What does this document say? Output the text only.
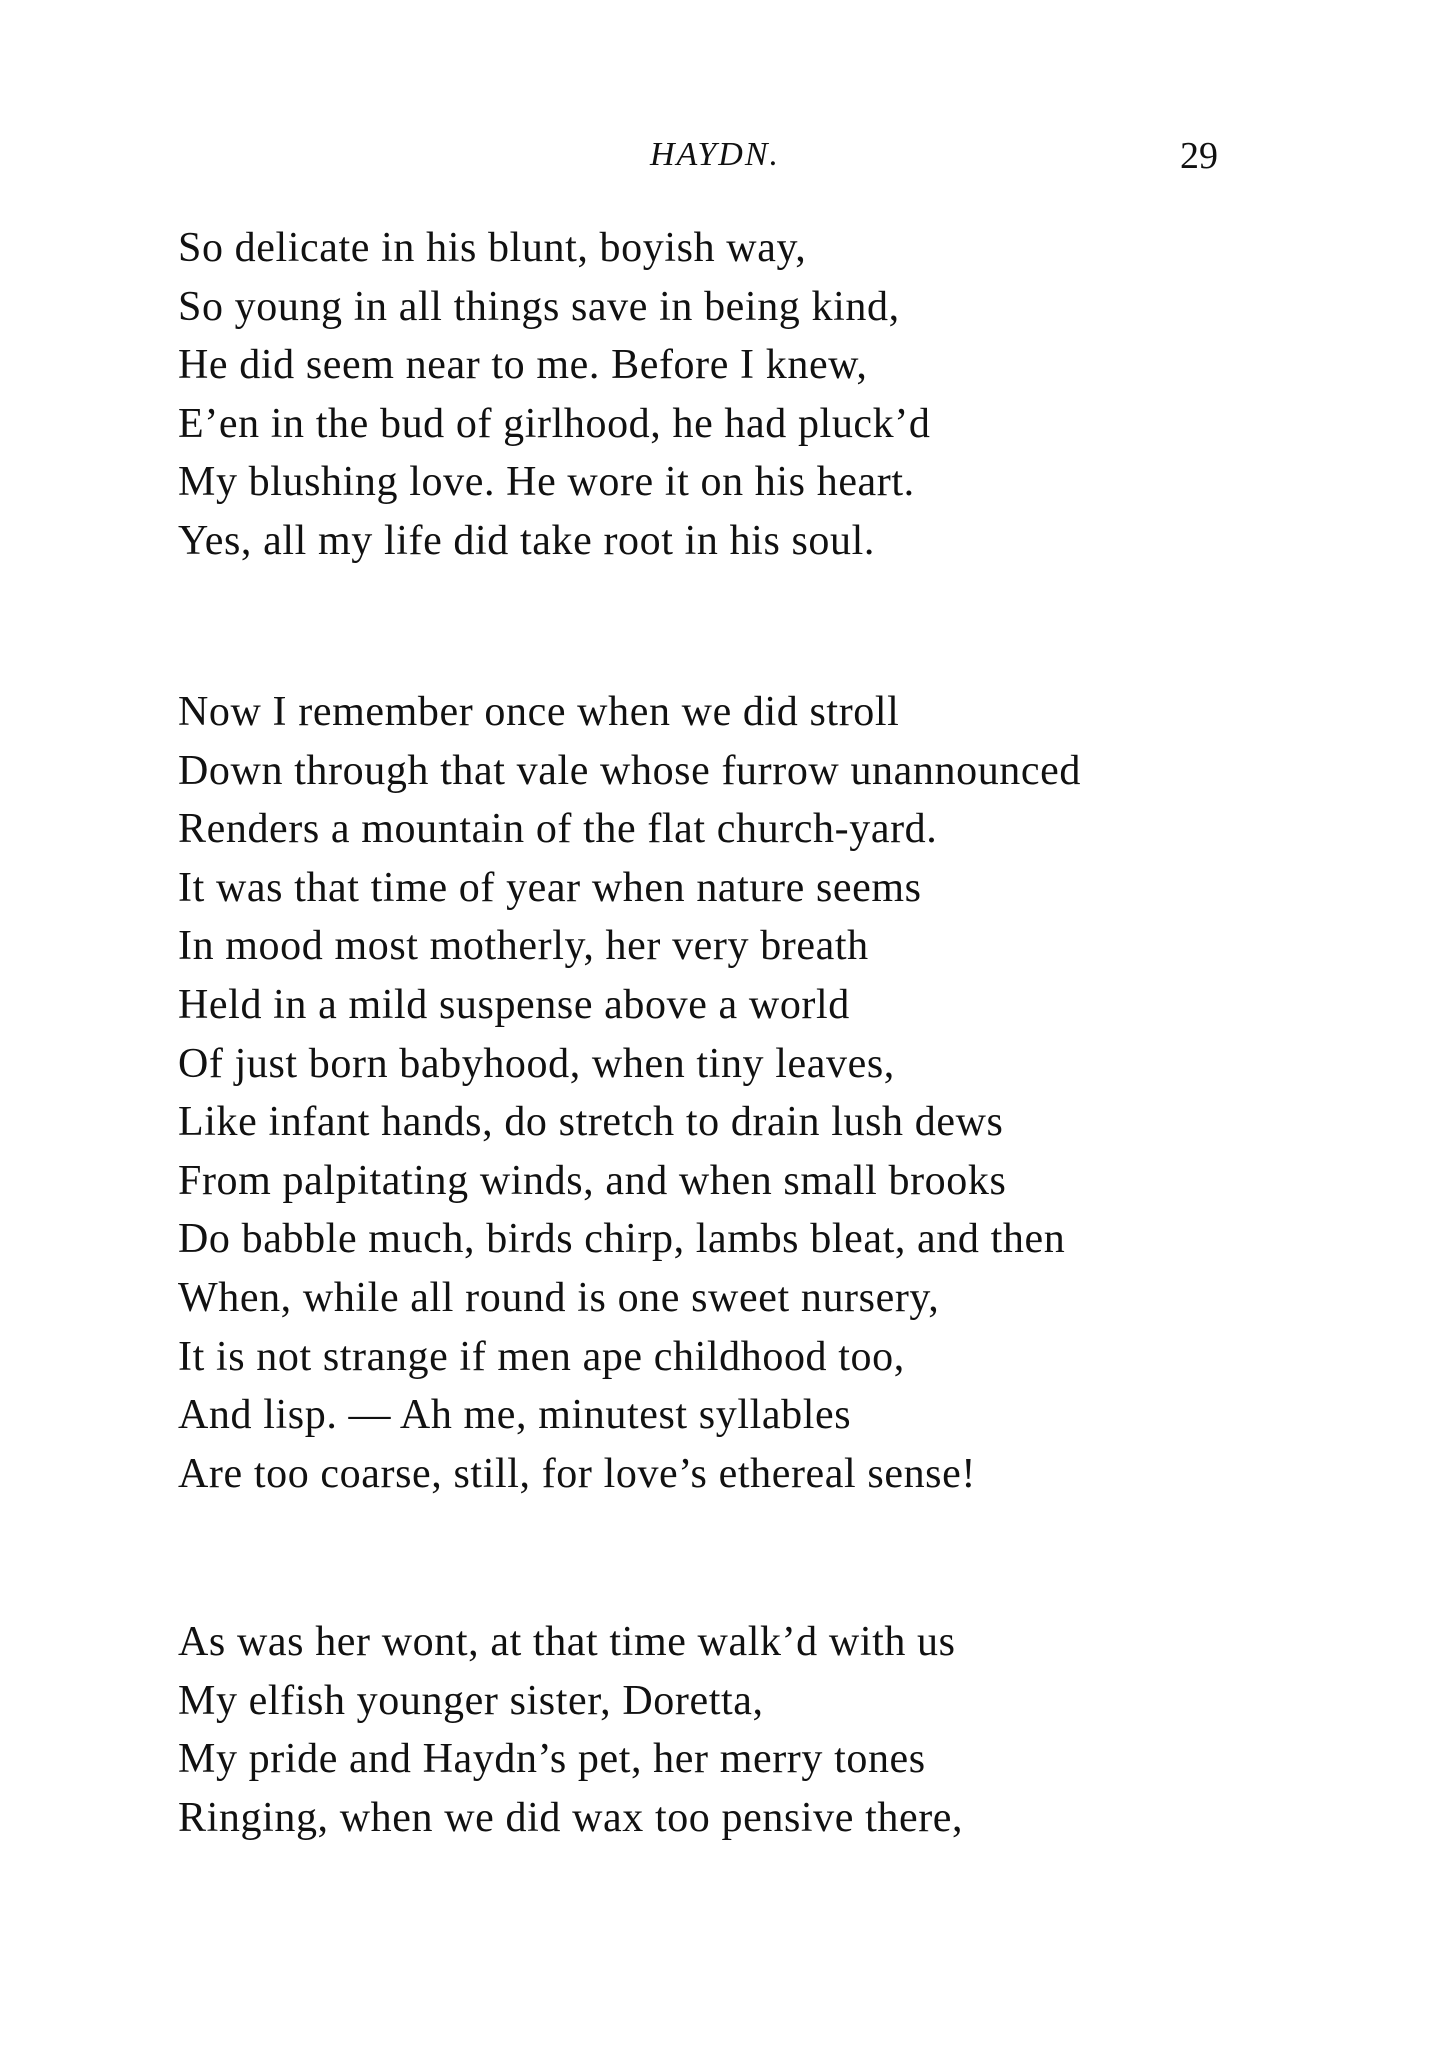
HAYDN.	29
So delicate in his blunt, boyish way,
So young in all things save in being kind,
He did seem near to me. Before I knew,
E’en in the bud of girlhood, he had pluck’d
My blushing love. He wore it on his heart.
Yes, all my life did take root in his soul.
Now I remember once when we did stroll
Down through that vale whose furrow unannounced
Renders a mountain of the flat church-yard.
It was that time of year when nature seems
In mood most motherly, her very breath
Held in a mild suspense above a world
Of just born babyhood, when tiny leaves,
Like infant hands, do stretch to drain lush dews
From palpitating winds, and when small brooks
Do babble much, birds chirp, lambs bleat, and then
When, while all round is one sweet nursery,
It is not strange if men ape childhood too,
And lisp. — Ah me, minutest syllables
Are too coarse, still, for love’s ethereal sense!
As was her wont, at that time walk’d with us
My elfish younger sister, Doretta,
My pride and Haydn’s pet, her merry tones
Ringing, when we did wax too pensive there,
